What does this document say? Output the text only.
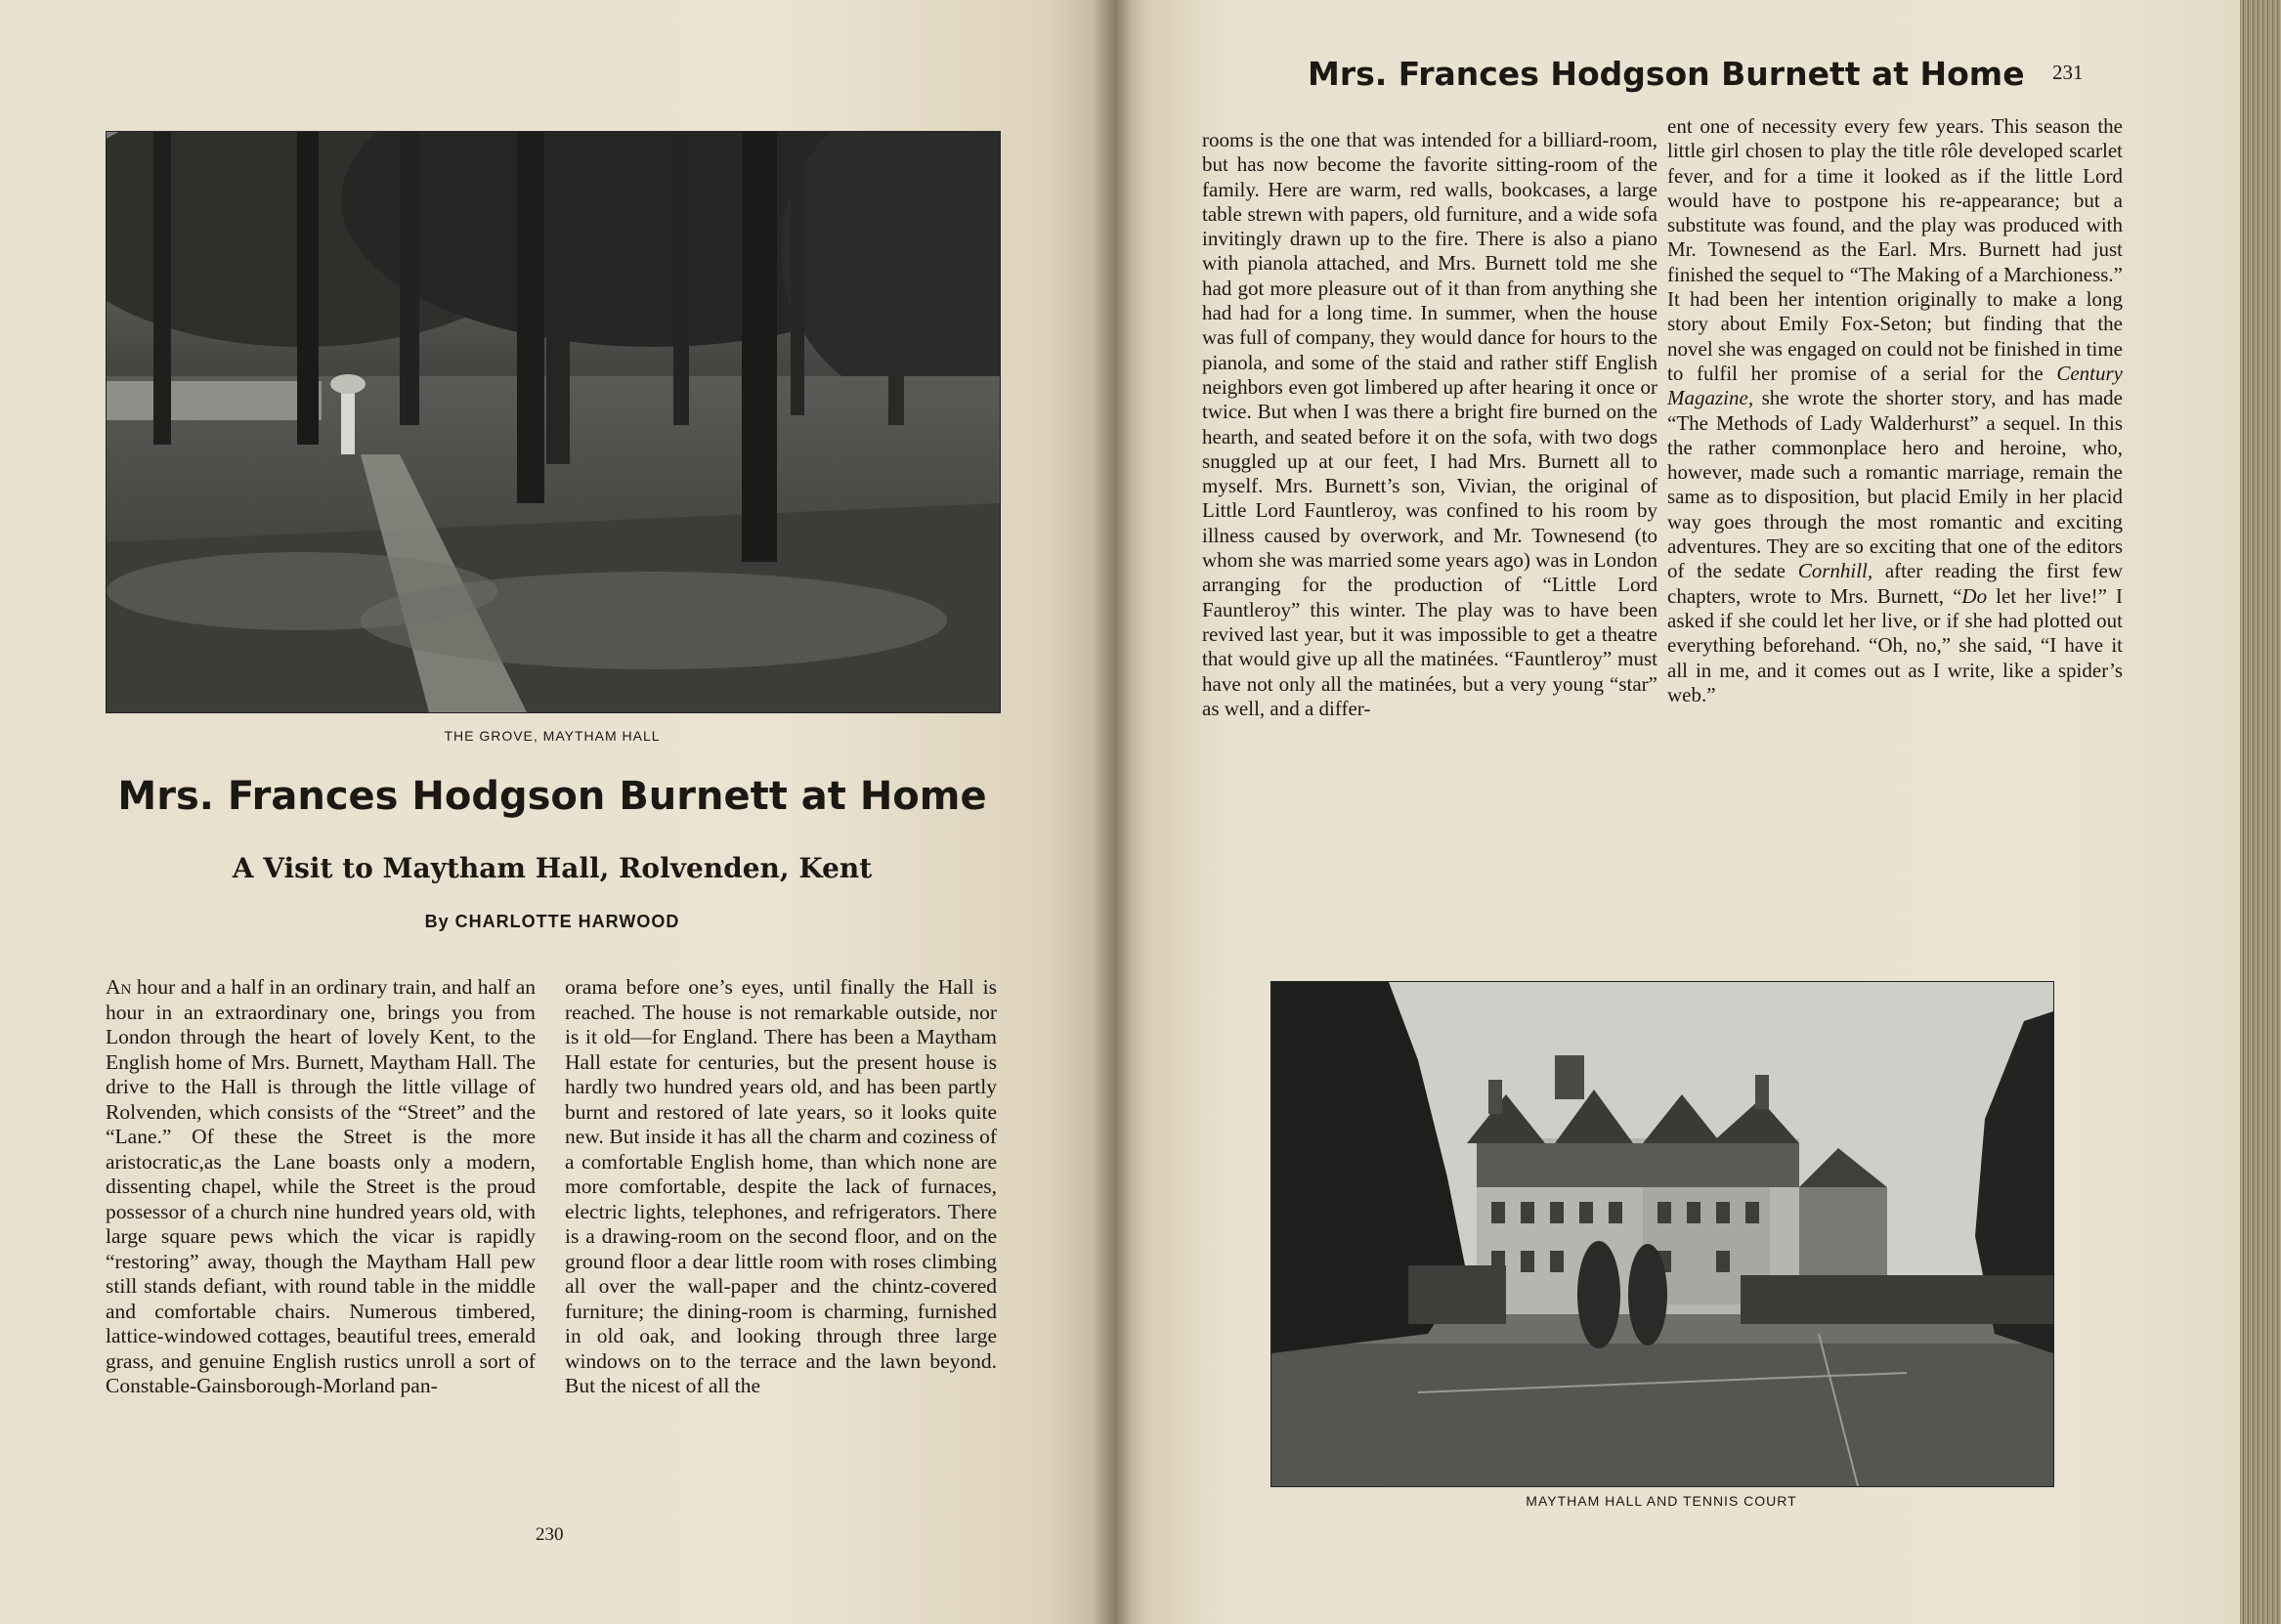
THE GROVE, MAYTHAM HALL
Mrs. Frances Hodgson Burnett at Home
A Visit to Maytham Hall, Rolvenden, Kent
By CHARLOTTE HARWOOD

An hour and a half in an ordinary train, and half an hour in an extraordinary one, brings you from London through the heart of lovely Kent, to the English home of Mrs. Burnett, Maytham Hall. The drive to the Hall is through the little village of Rolvenden, which consists of the “Street” and the “Lane.” Of these the Street is the more aristocratic,as the Lane boasts only a modern, dissenting chapel, while the Street is the proud possessor of a church nine hundred years old, with large square pews which the vicar is rapidly “restoring” away, though the Maytham Hall pew still stands defiant, with round table in the middle and comfortable chairs. Numerous timbered, lattice-windowed cottages, beautiful trees, emerald grass, and genuine English rustics unroll a sort of Constable-Gainsborough-Morland pan-

orama before one’s eyes, until finally the Hall is reached. The house is not remarkable outside, nor is it old—for England. There has been a Maytham Hall estate for centuries, but the present house is hardly two hundred years old, and has been partly burnt and restored of late years, so it looks quite new. But inside it has all the charm and coziness of a comfortable English home, than which none are more comfortable, despite the lack of furnaces, electric lights, telephones, and refrigerators. There is a drawing-room on the second floor, and on the ground floor a dear little room with roses climbing all over the wall-paper and the chintz-covered furniture; the dining-room is charming, furnished in old oak, and looking through three large windows on to the terrace and the lawn beyond. But the nicest of all the

230
Mrs. Frances Hodgson Burnett at Home 231

rooms is the one that was intended for a billiard-room, but has now become the favorite sitting-room of the family. Here are warm, red walls, bookcases, a large table strewn with papers, old furniture, and a wide sofa invitingly drawn up to the fire. There is also a piano with pianola attached, and Mrs. Burnett told me she had got more pleasure out of it than from anything she had had for a long time. In summer, when the house was full of company, they would dance for hours to the pianola, and some of the staid and rather stiff English neighbors even got limbered up after hearing it once or twice. But when I was there a bright fire burned on the hearth, and seated before it on the sofa, with two dogs snuggled up at our feet, I had Mrs. Burnett all to myself. Mrs. Burnett’s son, Vivian, the original of Little Lord Fauntleroy, was confined to his room by illness caused by overwork, and Mr. Townesend (to whom she was married some years ago) was in London arranging for the production of “Little Lord Fauntleroy” this winter. The play was to have been revived last year, but it was impossible to get a theatre that would give up all the matinées. “Fauntleroy” must have not only all the matinées, but a very young “star” as well, and a differ-

ent one of necessity every few years. This season the little girl chosen to play the title rôle developed scarlet fever, and for a time it looked as if the little Lord would have to postpone his re-appearance; but a substitute was found, and the play was produced with Mr. Townesend as the Earl. Mrs. Burnett had just finished the sequel to “The Making of a Marchioness.” It had been her intention originally to make a long story about Emily Fox-Seton; but finding that the novel she was engaged on could not be finished in time to fulfil her promise of a serial for the Century Magazine, she wrote the shorter story, and has made “The Methods of Lady Walderhurst” a sequel. In this the rather commonplace hero and heroine, who, however, made such a romantic marriage, remain the same as to disposition, but placid Emily in her placid way goes through the most romantic and exciting adventures. They are so exciting that one of the editors of the sedate Cornhill, after reading the first few chapters, wrote to Mrs. Burnett, “Do let her live!” I asked if she could let her live, or if she had plotted out everything beforehand. “Oh, no,” she said, “I have it all in me, and it comes out as I write, like a spider’s web.”

MAYTHAM HALL AND TENNIS COURT
